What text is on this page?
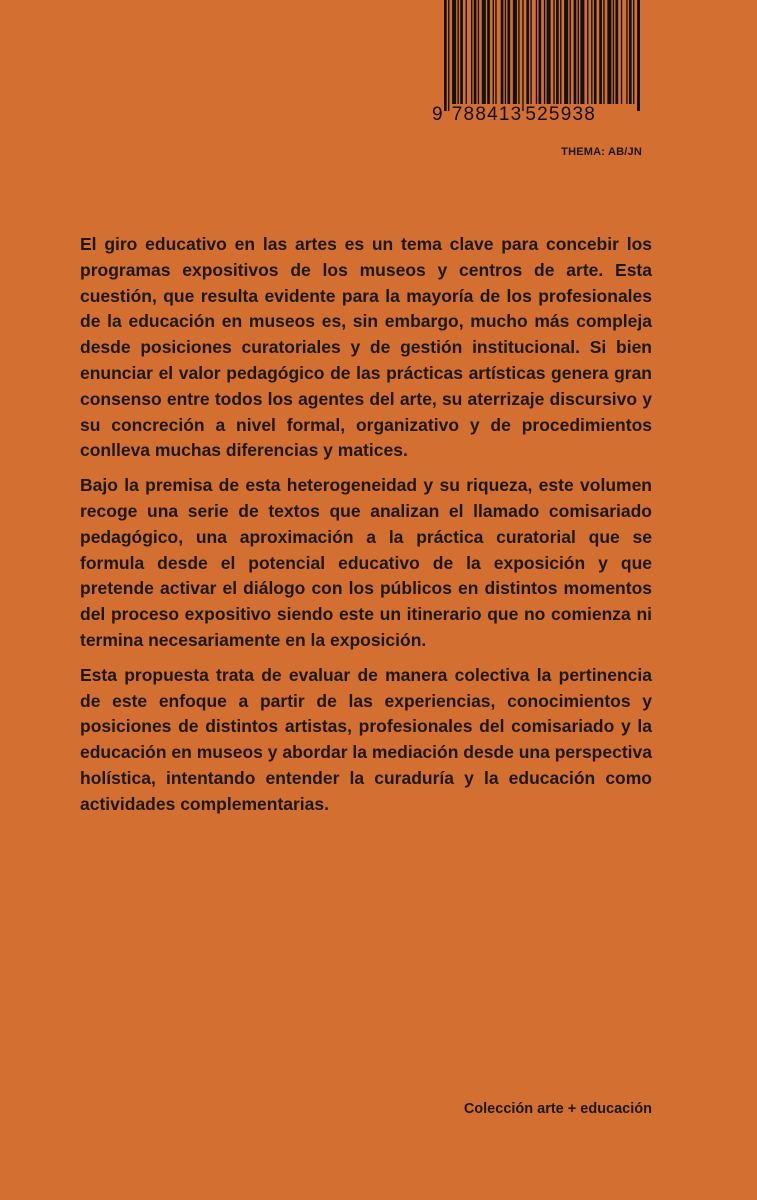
9 788413 525938
THEMA: AB/JN

El giro educativo en las artes es un tema clave para concebir los programas expositivos de los museos y centros de arte. Esta cuestión, que resulta evidente para la mayoría de los profesionales de la educación en museos es, sin embargo, mucho más compleja desde posiciones curatoriales y de gestión institucional. Si bien enunciar el valor pedagógico de las prácticas artísticas genera gran consenso entre todos los agentes del arte, su aterrizaje discursivo y su concreción a nivel formal, organizativo y de procedimientos conlleva muchas diferencias y matices.

Bajo la premisa de esta heterogeneidad y su riqueza, este volumen recoge una serie de textos que analizan el llamado comisariado pedagógico, una aproximación a la práctica curatorial que se formula desde el potencial educativo de la exposición y que pretende activar el diálogo con los públicos en distintos momentos del proceso expositivo siendo este un itinerario que no comienza ni termina necesariamente en la exposición.

Esta propuesta trata de evaluar de manera colectiva la pertinencia de este enfoque a partir de las experiencias, conocimientos y posiciones de distintos artistas, profesionales del comisariado y la educación en museos y abordar la mediación desde una perspectiva holística, intentando entender la curaduría y la educación como actividades complementarias.

Colección arte + educación
